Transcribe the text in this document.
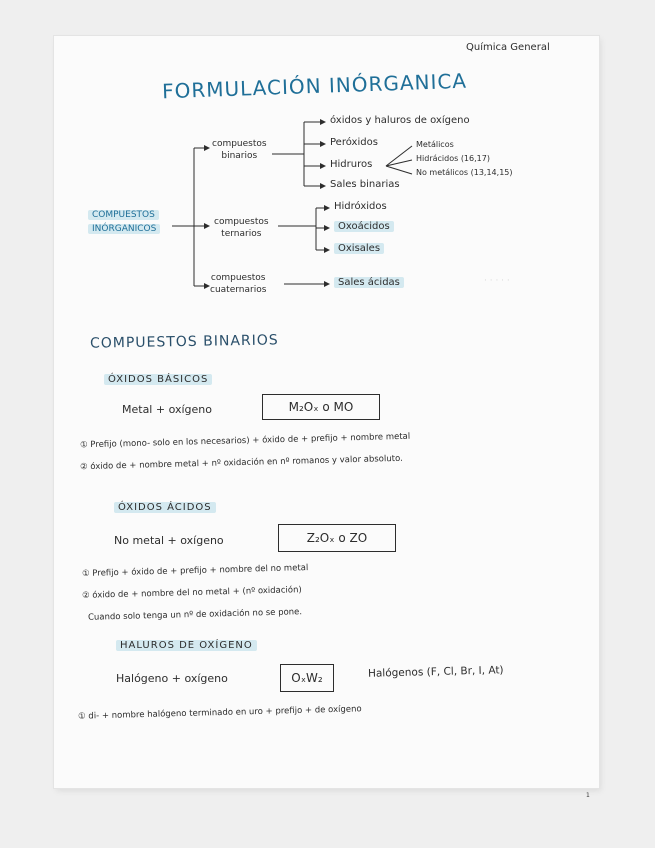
· · · · ·
Química General
FORMULACIÓN INÓRGANICA
COMPUESTOS
INÓRGANICOS
compuestos
binarios
óxidos y haluros de oxígeno
Peróxidos
Hidruros
Sales binarias
Metálicos
Hidrácidos (16,17)
No metálicos (13,14,15)
compuestos
ternarios
Hidróxidos
Oxoácidos
Oxisales
compuestos
cuaternarios
Sales ácidas
COMPUESTOS BINARIOS
ÓXIDOS BÁSICOS
Metal + oxígeno	M₂Oₓ o MO
① Prefijo (mono- solo en los necesarios) + óxido de + prefijo + nombre metal
② óxido de + nombre metal + nº oxidación en nº romanos y valor absoluto.
ÓXIDOS ÁCIDOS
No metal + oxígeno	Z₂Oₓ o ZO
① Prefijo + óxido de + prefijo + nombre del no metal
② óxido de + nombre del no metal + (nº oxidación)
Cuando solo tenga un nº de oxidación no se pone.
HALUROS DE OXÍGENO
Halógeno + oxígeno	OₓW₂	Halógenos (F, Cl, Br, I, At)
① di- + nombre halógeno terminado en uro + prefijo + de oxígeno
1
